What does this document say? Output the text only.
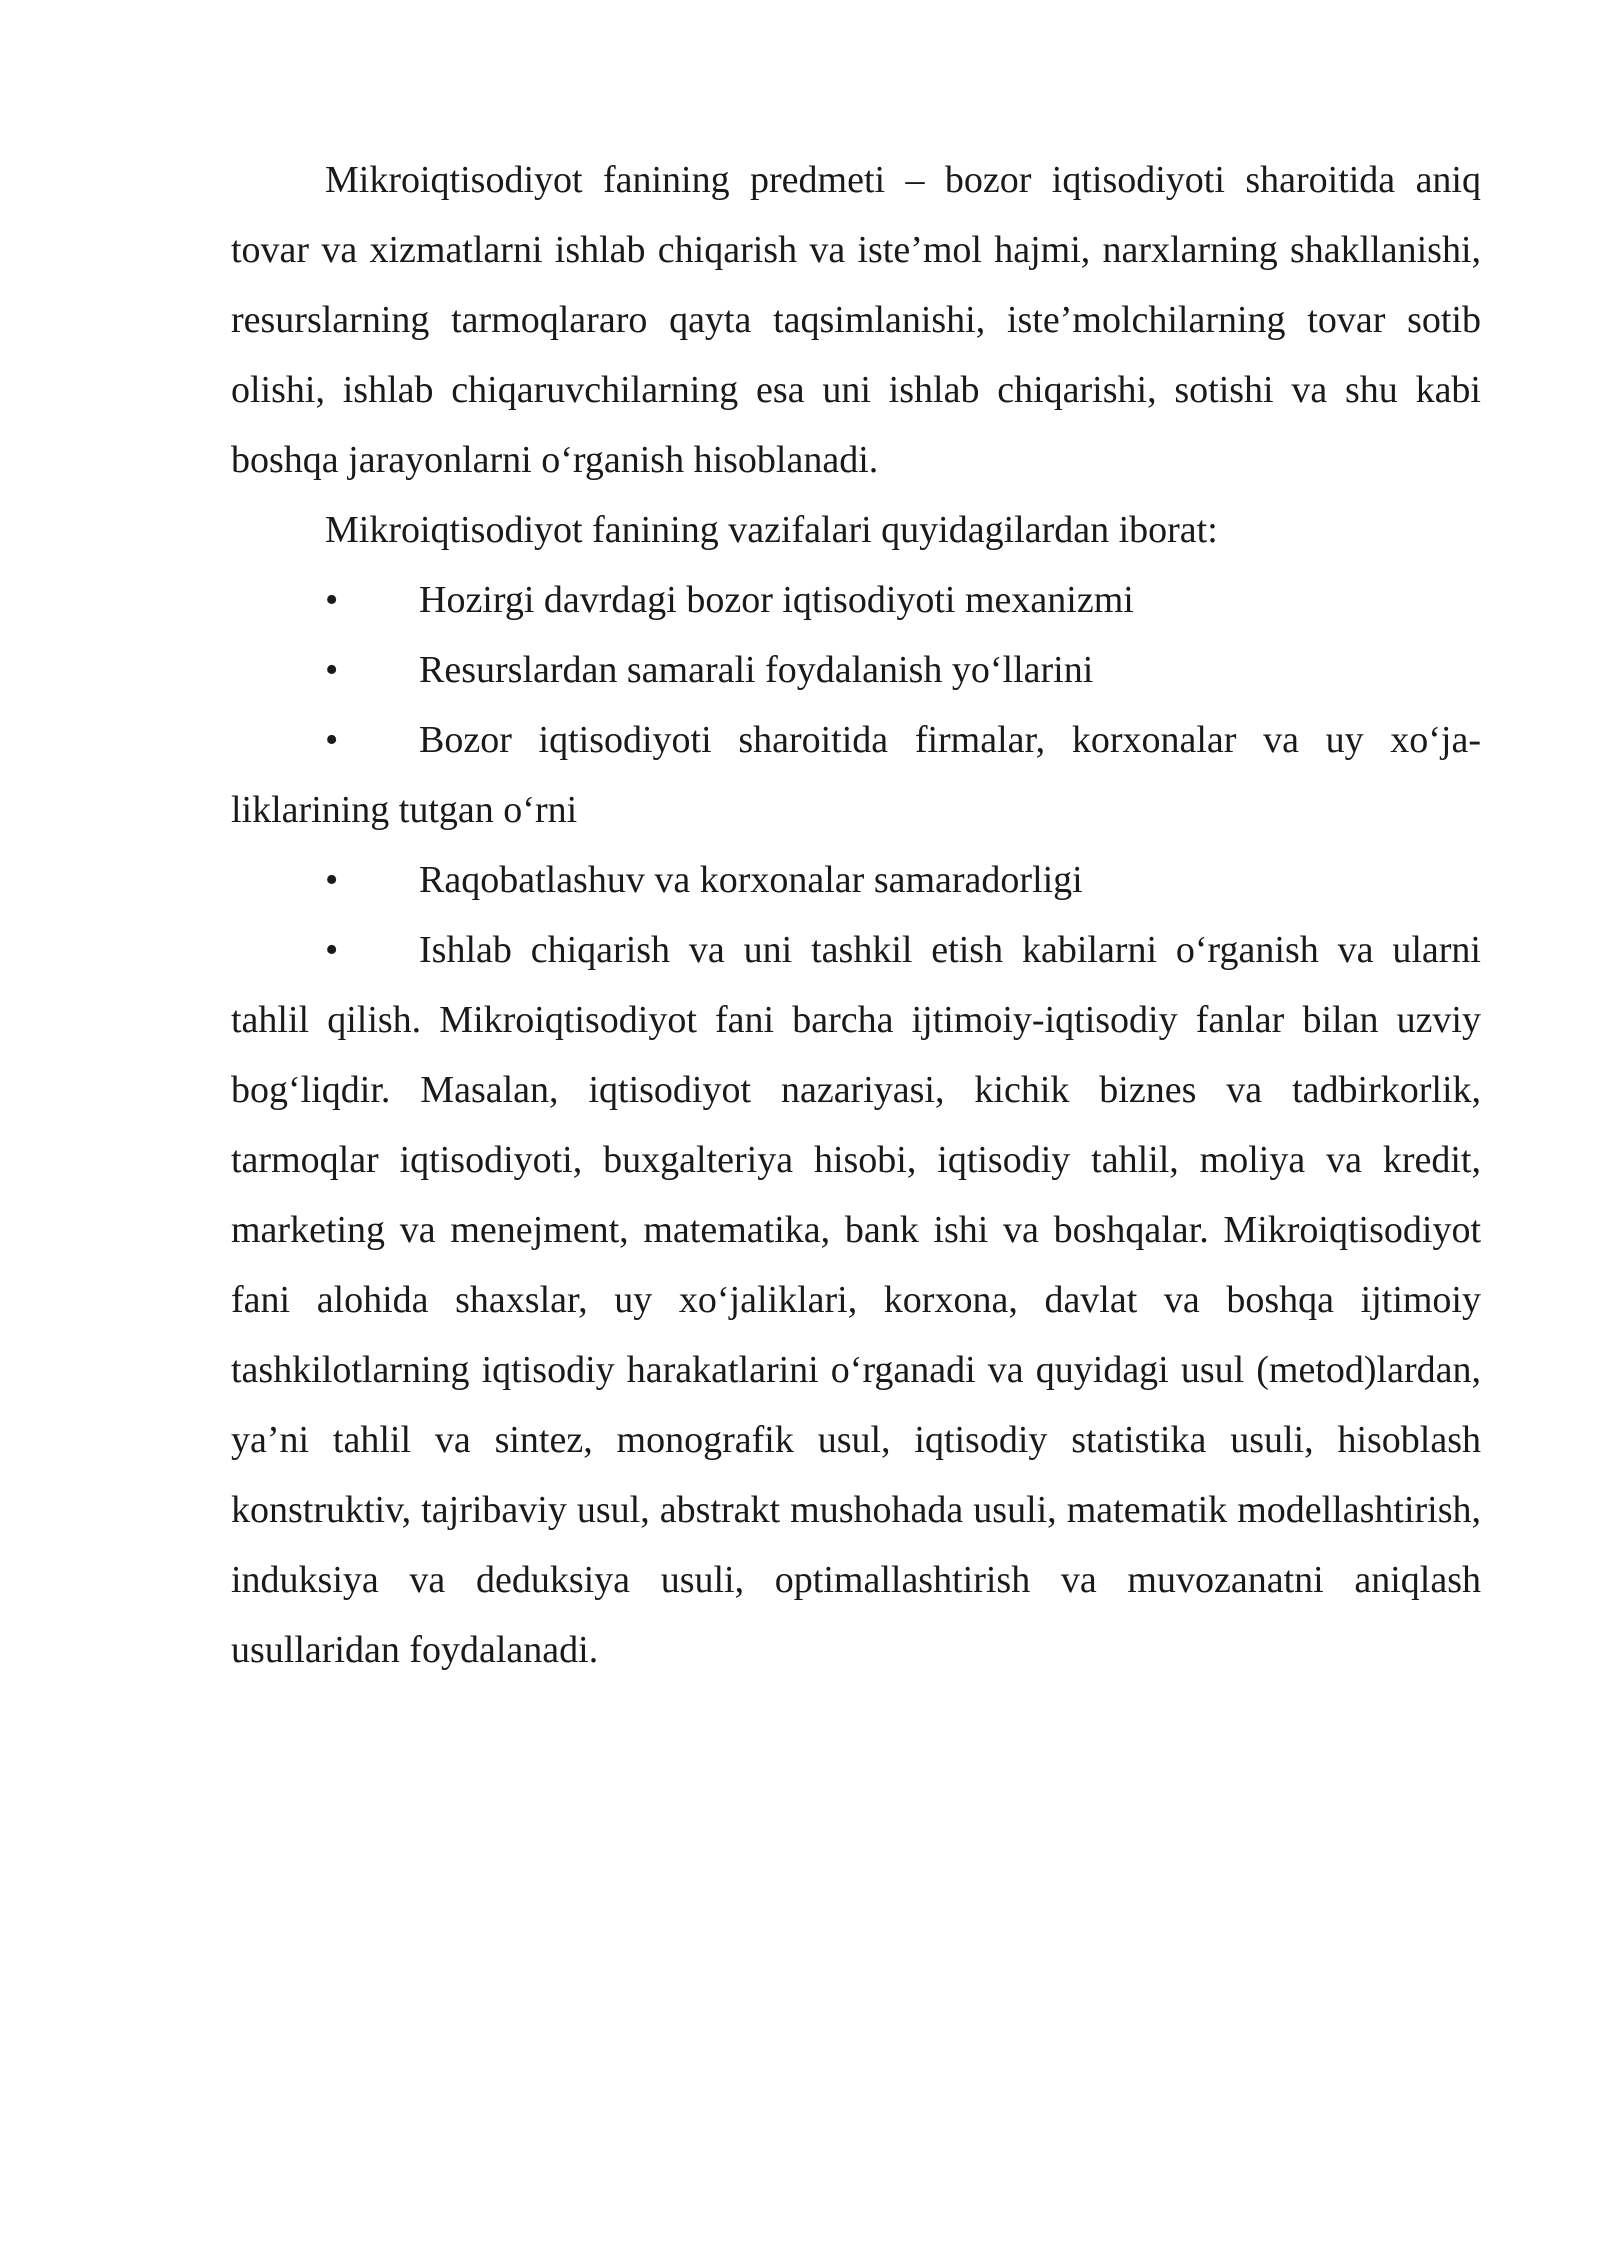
Mikroiqtisodiyot fanining predmeti – bozor iqtisodiyoti sharoitida aniq tovar va xizmatlarni ishlab chiqarish va iste’mol hajmi, narxlarning shakllanishi, resurslarning tarmoqlararo qayta taqsimlanishi, iste’molchilarning tovar sotib olishi, ishlab chiqaruvchilarning esa uni ishlab chiqarishi, sotishi va shu kabi boshqa jarayonlarni o‘rganish hisoblanadi.

Mikroiqtisodiyot fanining vazifalari quyidagilardan iborat:

• Hozirgi davrdagi bozor iqtisodiyoti mexanizmi

• Resurslardan samarali foydalanish yo‘llarini

• Bozor iqtisodiyoti sharoitida firmalar, korxonalar va uy xo‘ja-liklarining tutgan o‘rni

• Raqobatlashuv va korxonalar samaradorligi

• Ishlab chiqarish va uni tashkil etish kabilarni o‘rganish va ularni tahlil qilish. Mikroiqtisodiyot fani barcha ijtimoiy-iqtisodiy fanlar bilan uzviy bog‘liqdir. Masalan, iqtisodiyot nazariyasi, kichik biznes va tadbirkorlik, tarmoqlar iqtisodiyoti, buxgalteriya hisobi, iqtisodiy tahlil, moliya va kredit, marketing va menejment, matematika, bank ishi va boshqalar. Mikroiqtisodiyot fani alohida shaxslar, uy xo‘jaliklari, korxona, davlat va boshqa ijtimoiy tashkilotlarning iqtisodiy harakatlarini o‘rganadi va quyidagi usul (metod)lardan, ya’ni tahlil va sintez, monografik usul, iqtisodiy statistika usuli, hisoblash konstruktiv, tajribaviy usul, abstrakt mushohada usuli, matematik modellashtirish, induksiya va deduksiya usuli, optimallashtirish va muvozanatni aniqlash usullaridan foydalanadi.
